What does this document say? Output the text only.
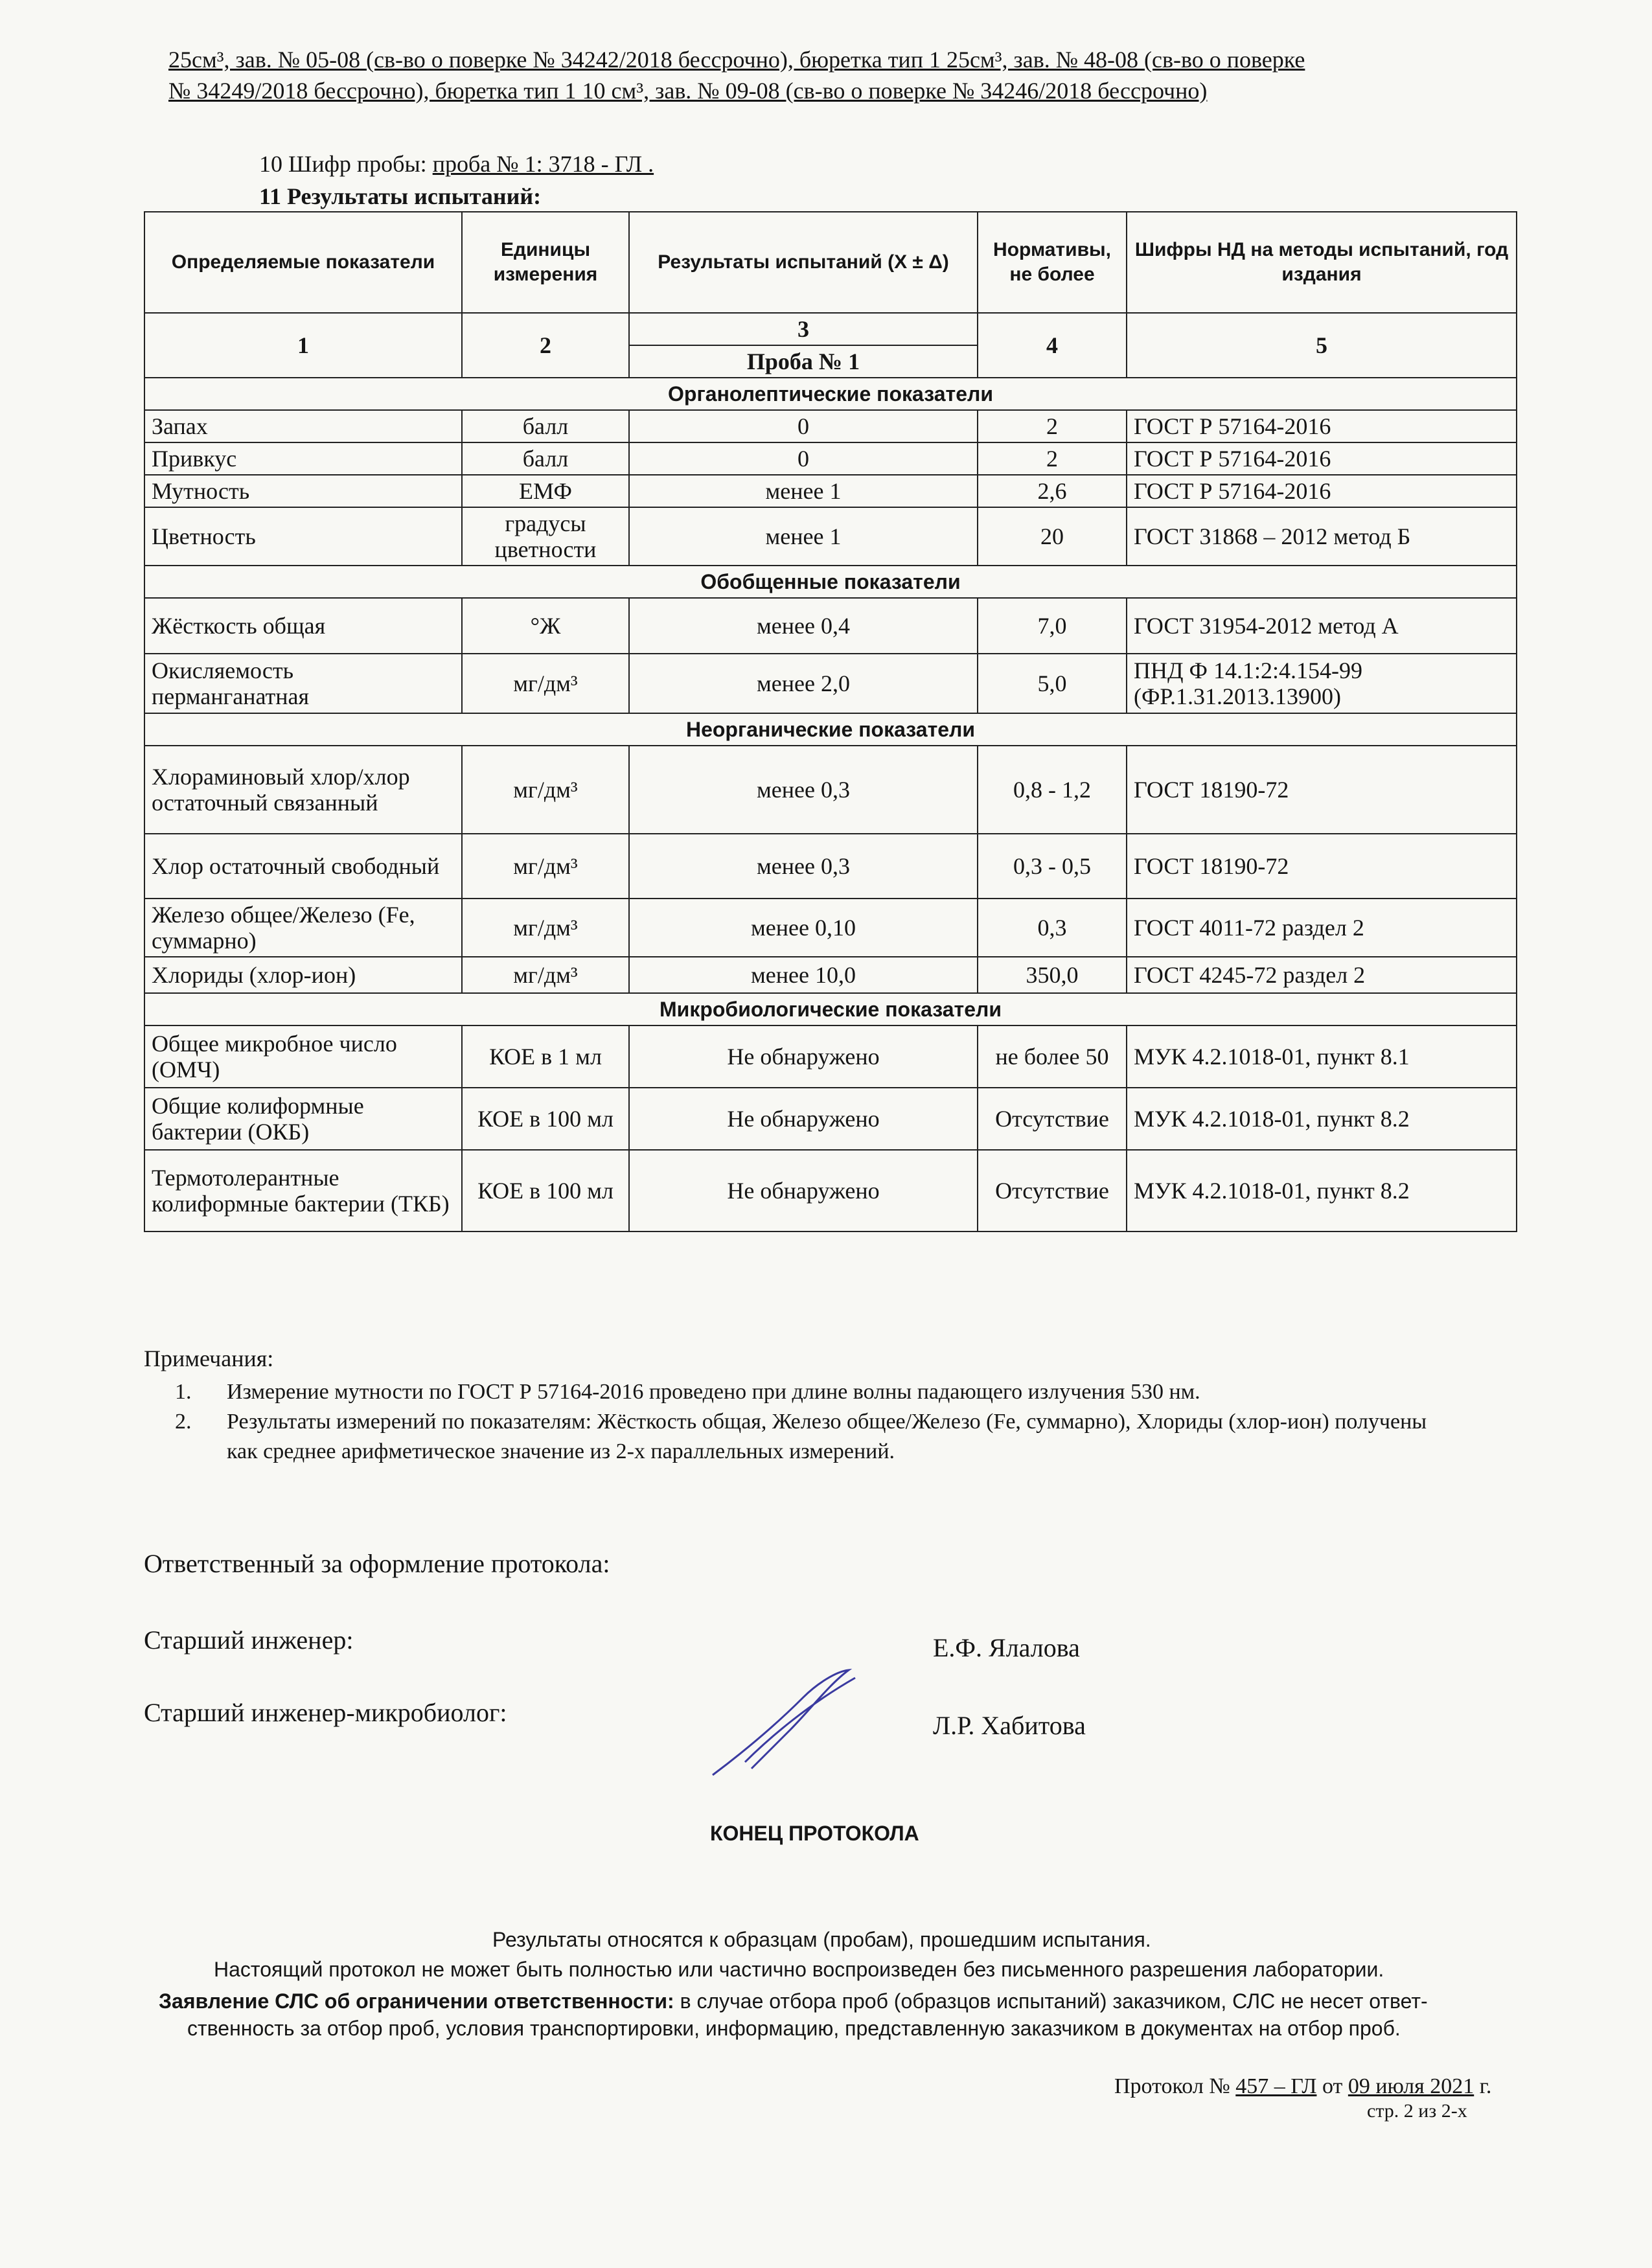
25см³, зав. № 05-08 (св-во о поверке № 34242/2018 бессрочно), бюретка тип 1 25см³, зав. № 48-08 (св-во о поверке
№ 34249/2018 бессрочно), бюретка тип 1 10 см³, зав. № 09-08 (св-во о поверке № 34246/2018 бессрочно)
10 Шифр пробы: проба № 1: 3718 - ГЛ .
11 Результаты испытаний:
Определяемые показатели	Единицы измерения	Результаты испытаний (X ± Δ)	Нормативы, не более	Шифры НД на методы испытаний, год издания
1	2	3	4	5
		Проба № 1		
Органолептические показатели				
Запах	балл	0	2	ГОСТ Р 57164-2016
Привкус	балл	0	2	ГОСТ Р 57164-2016
Мутность	ЕМФ	менее 1	2,6	ГОСТ Р 57164-2016
Цветность	градусы цветности	менее 1	20	ГОСТ 31868 – 2012 метод Б
Обобщенные показатели				
Жёсткость общая	°Ж	менее 0,4	7,0	ГОСТ 31954-2012 метод А
Окисляемость перманганатная	мг/дм³	менее 2,0	5,0	ПНД Ф 14.1:2:4.154-99 (ФР.1.31.2013.13900)
Неорганические показатели				
Хлораминовый хлор/хлор остаточный связанный	мг/дм³	менее 0,3	0,8 - 1,2	ГОСТ 18190-72
Хлор остаточный свободный	мг/дм³	менее 0,3	0,3 - 0,5	ГОСТ 18190-72
Железо общее/Железо (Fe, суммарно)	мг/дм³	менее 0,10	0,3	ГОСТ 4011-72 раздел 2
Хлориды (хлор-ион)	мг/дм³	менее 10,0	350,0	ГОСТ 4245-72 раздел 2
Микробиологические показатели				
Общее микробное число (ОМЧ)	КОЕ в 1 мл	Не обнаружено	не более 50	МУК 4.2.1018-01, пункт 8.1
Общие колиформные бактерии (ОКБ)	КОЕ в 100 мл	Не обнаружено	Отсутствие	МУК 4.2.1018-01, пункт 8.2
Термотолерантные колиформные бактерии (ТКБ)	КОЕ в 100 мл	Не обнаружено	Отсутствие	МУК 4.2.1018-01, пункт 8.2
Примечания:
1.	Измерение мутности по ГОСТ Р 57164-2016 проведено при длине волны падающего излучения 530 нм.
2.	Результаты измерений по показателям: Жёсткость общая, Железо общее/Железо (Fe, суммарно), Хлориды (хлор-ион) получены как среднее арифметическое значение из 2-х параллельных измерений.
Ответственный за оформление протокола:
Старший инженер:	Е.Ф. Ялалова
Старший инженер-микробиолог:	Л.Р. Хабитова
КОНЕЦ ПРОТОКОЛА
Результаты относятся к образцам (пробам), прошедшим испытания.
Настоящий протокол не может быть полностью или частично воспроизведен без письменного разрешения лаборатории.
Заявление СЛС об ограничении ответственности: в случае отбора проб (образцов испытаний) заказчиком, СЛС не несет ответ-
ственность за отбор проб, условия транспортировки, информацию, представленную заказчиком в документах на отбор проб.
Протокол № 457 – ГЛ от 09 июля 2021 г.
стр. 2 из 2-х
